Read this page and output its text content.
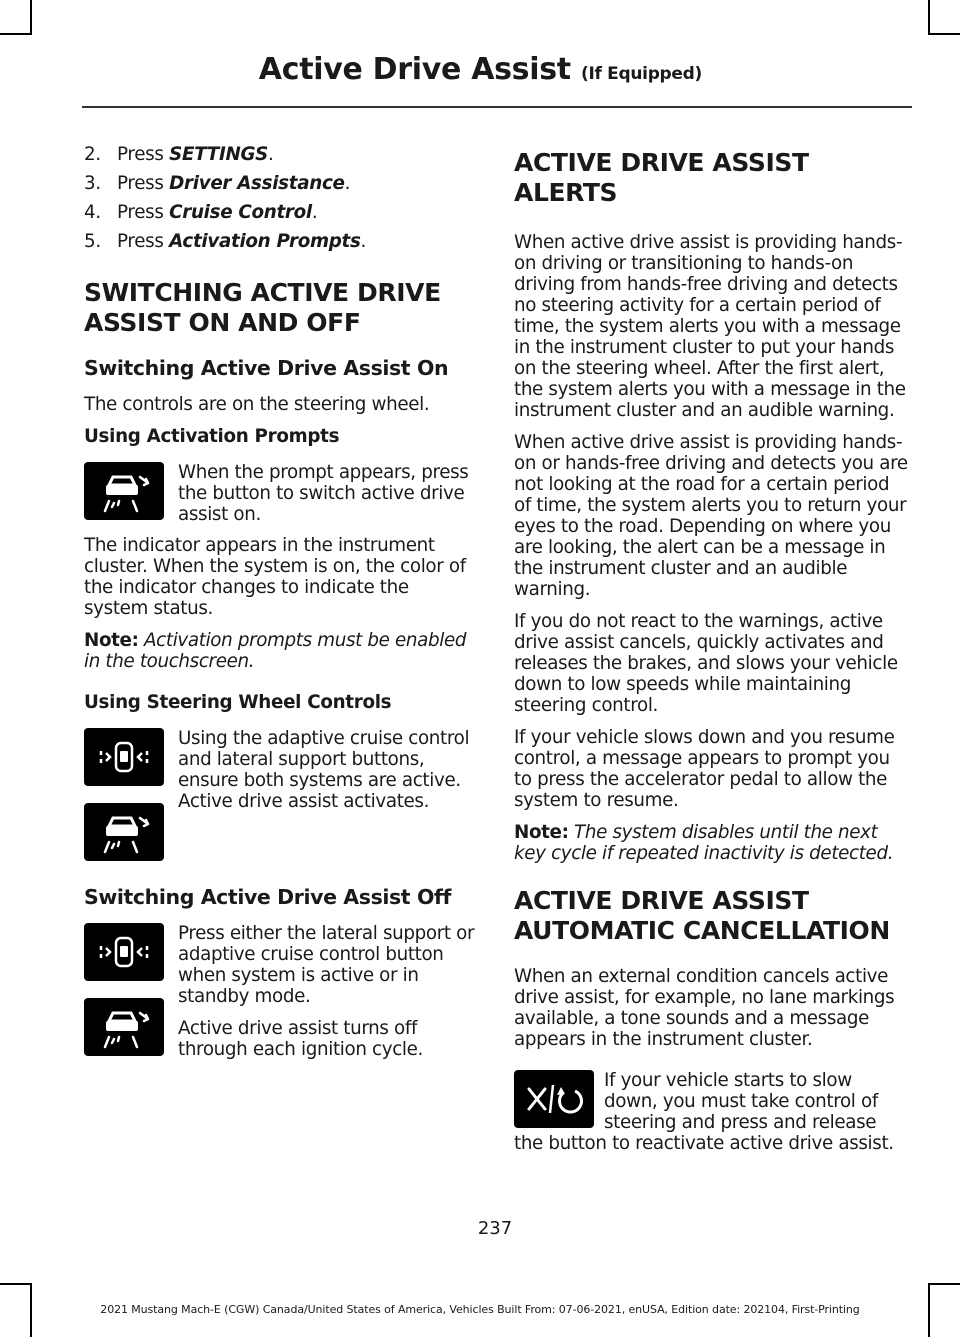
Active Drive Assist (If Equipped)
2. Press SETTINGS.
3. Press Driver Assistance.
4. Press Cruise Control.
5. Press Activation Prompts.
SWITCHING ACTIVE DRIVE
ASSIST ON AND OFF
Switching Active Drive Assist On

The controls are on the steering wheel.

Using Activation Prompts

When the prompt appears, press the button to switch active drive assist on.

The indicator appears in the instrument cluster. When the system is on, the color of the indicator changes to indicate the system status.

Note: Activation prompts must be enabled in the touchscreen.

Using Steering Wheel Controls

Using the adaptive cruise control and lateral support buttons, ensure both systems are active. Active drive assist activates.

Switching Active Drive Assist Off

Press either the lateral support or adaptive cruise control button when system is active or in standby mode.

Active drive assist turns off through each ignition cycle.

ACTIVE DRIVE ASSIST ALERTS

When active drive assist is providing hands-on driving or transitioning to hands-on driving from hands-free driving and detects no steering activity for a certain period of time, the system alerts you with a message in the instrument cluster to put your hands on the steering wheel. After the first alert, the system alerts you with a message in the instrument cluster and an audible warning.

When active drive assist is providing hands-on or hands-free driving and detects you are not looking at the road for a certain period of time, the system alerts you to return your eyes to the road. Depending on where you are looking, the alert can be a message in the instrument cluster and an audible warning.

If you do not react to the warnings, active drive assist cancels, quickly activates and releases the brakes, and slows your vehicle down to low speeds while maintaining steering control.

If your vehicle slows down and you resume control, a message appears to prompt you to press the accelerator pedal to allow the system to resume.

Note: The system disables until the next key cycle if repeated inactivity is detected.

ACTIVE DRIVE ASSIST
AUTOMATIC CANCELLATION

When an external condition cancels active drive assist, for example, no lane markings available, a tone sounds and a message appears in the instrument cluster.

If your vehicle starts to slow down, you must take control of steering and press and release the button to reactivate active drive assist.

237
2021 Mustang Mach-E (CGW) Canada/United States of America, Vehicles Built From: 07-06-2021, enUSA, Edition date: 202104, First-Printing
